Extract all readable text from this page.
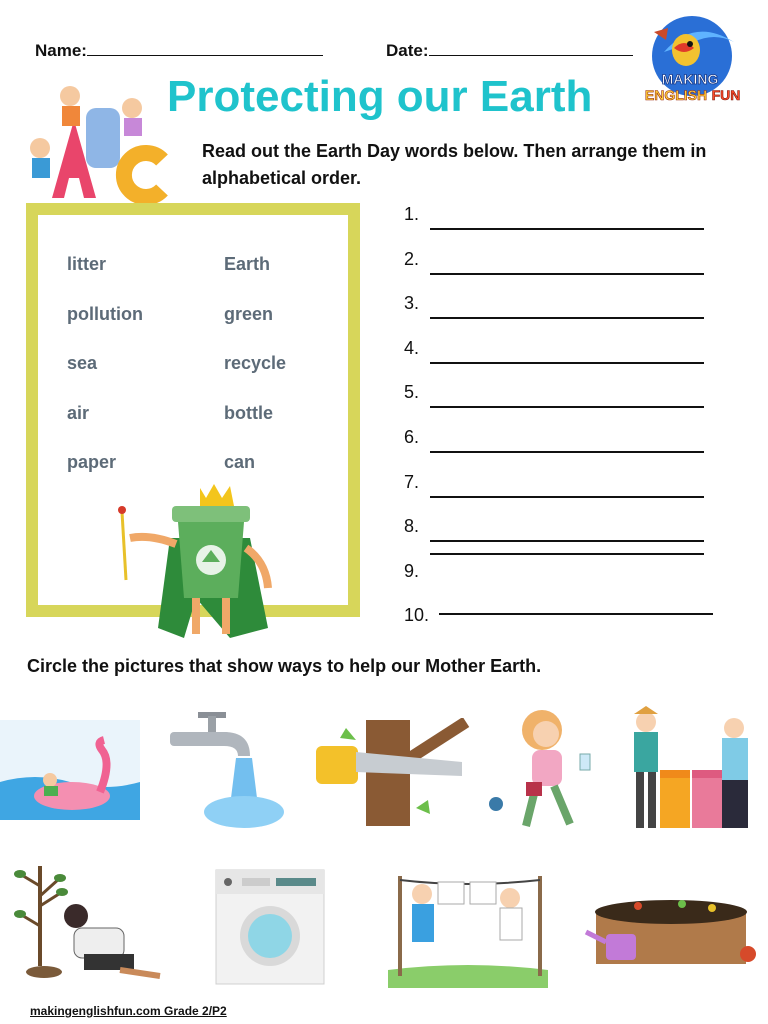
Name:	Date:
MAKING
ENGLISH FUN
Protecting our Earth
Read out the Earth Day words below. Then arrange them in alphabetical order.
litter
pollution
sea
air
paper
Earth
green
recycle
bottle
can
1.
2.
3.
4.
5.
6.
7.
8.
9.
10.
Circle the pictures that show ways to help our Mother Earth.
makingenglishfun.com Grade 2/P2
